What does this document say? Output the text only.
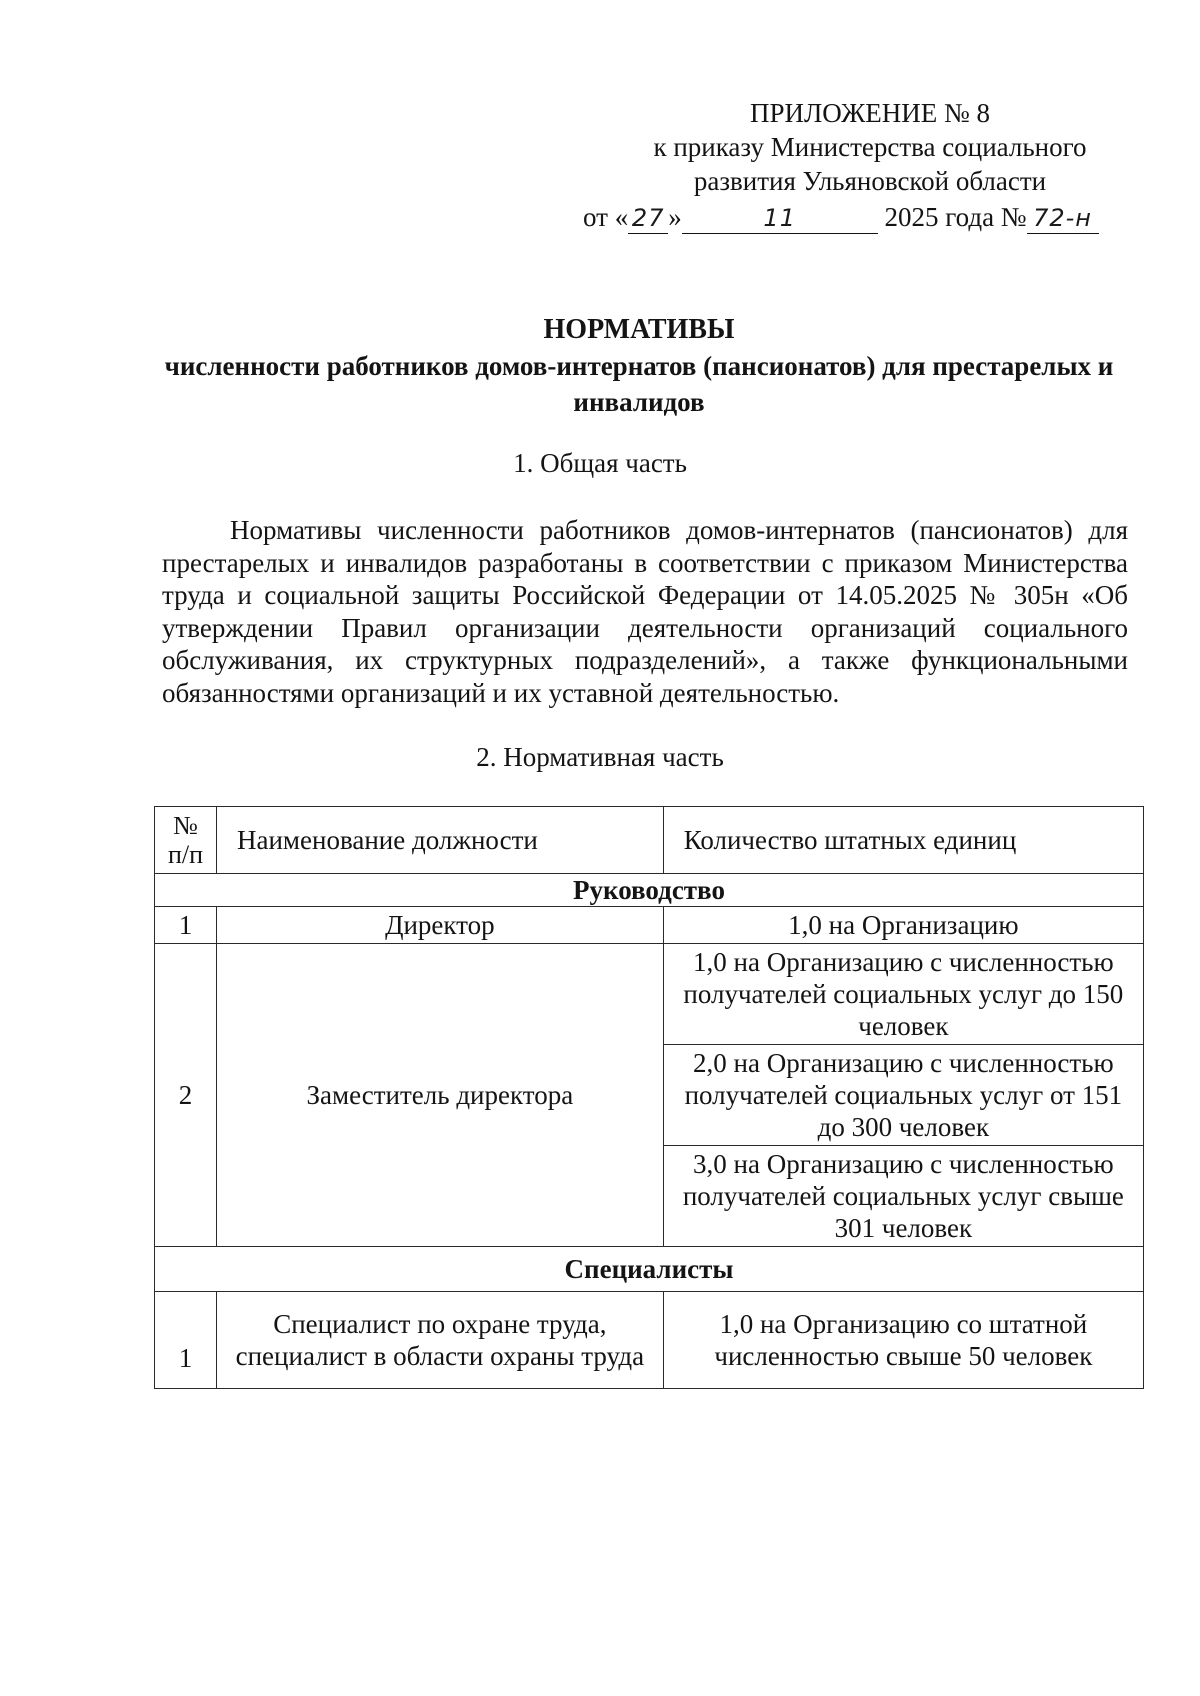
ПРИЛОЖЕНИЕ № 8
к приказу Министерства социального
развития Ульяновской области
от « 27 »	11	2025 года № 72-н
НОРМАТИВЫ
численности работников домов-интернатов (пансионатов) для престарелых и инвалидов
1. Общая часть
Нормативы численности работников домов-интернатов (пансионатов) для престарелых и инвалидов разработаны в соответствии с приказом Министерства труда и социальной защиты Российской Федерации от 14.05.2025 № 305н «Об утверждении Правил организации деятельности организаций социального обслуживания, их структурных подразделений», а также функциональными обязанностями организаций и их уставной деятельностью.
2. Нормативная часть
№ п/п	Наименование должности	Количество штатных единиц
Руководство		
1	Директор	1,0 на Организацию
2	Заместитель директора	1,0 на Организацию с численностью получателей социальных услуг до 150 человек
		2,0 на Организацию с численностью получателей социальных услуг от 151 до 300 человек
		3,0 на Организацию с численностью получателей социальных услуг свыше 301 человек
Специалисты		
1	Специалист по охране труда, специалист в области охраны труда	1,0 на Организацию со штатной численностью свыше 50 человек
